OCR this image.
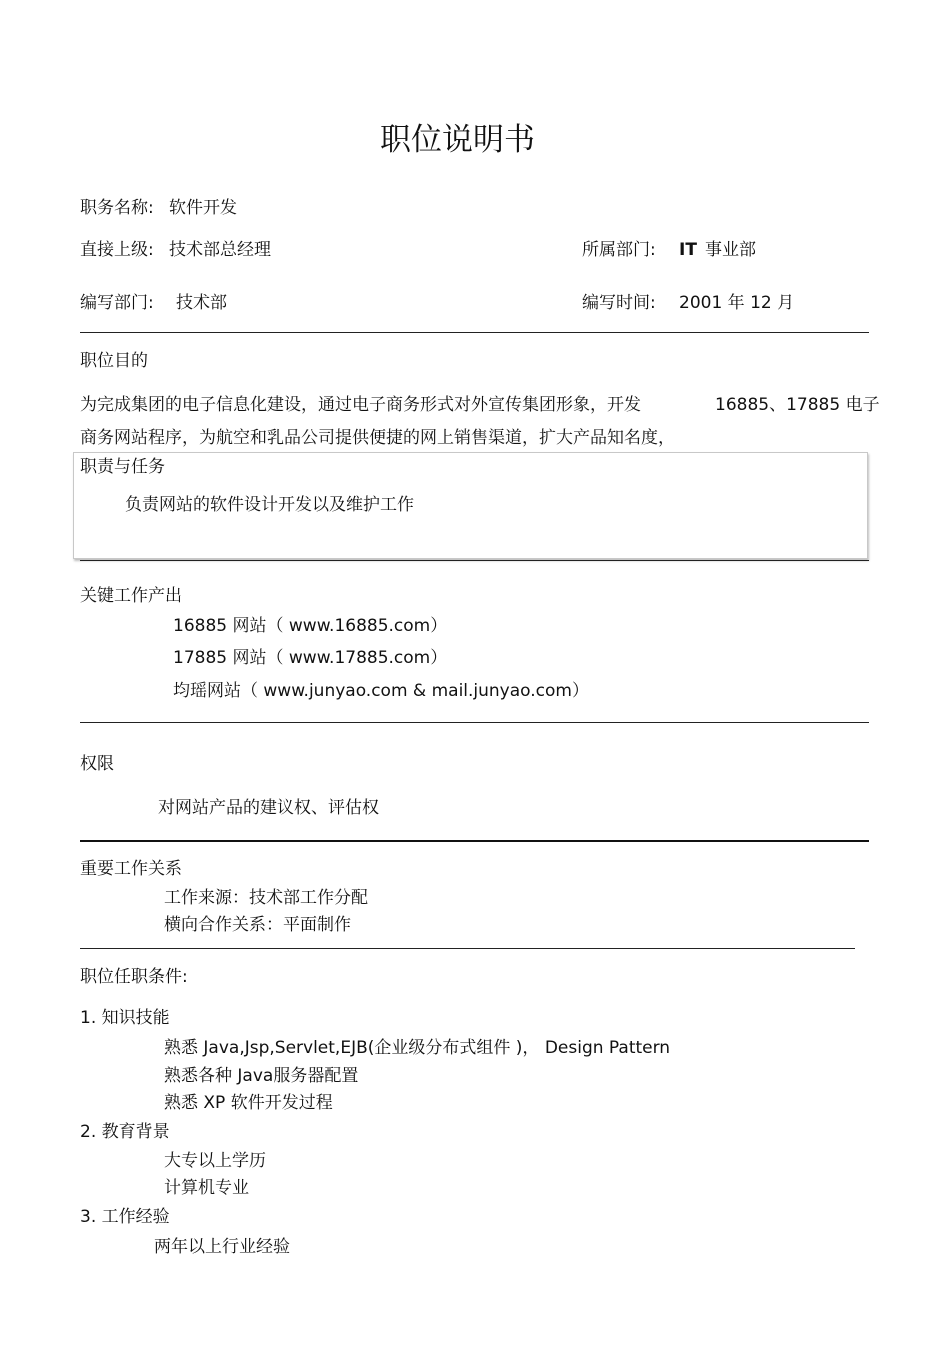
职位说明书
职务名称: 软件开发
直接上级: 技术部总经理	所属部门: IT 事业部
编写部门: 技术部	编写时间: 2001 年 12 月
职位目的
为完成集团的电子信息化建设，通过电子商务形式对外宣传集团形象，开发	16885、17885 电子
商务网站程序，为航空和乳品公司提供便捷的网上销售渠道，扩大产品知名度，
职责与任务
负责网站的软件设计开发以及维护工作
关键工作产出
16885 网站（ www.16885.com）
17885 网站（ www.17885.com）
均瑶网站（ www.junyao.com & mail.junyao.com）
权限
对网站产品的建议权、评估权
重要工作关系
工作来源：技术部工作分配
横向合作关系：平面制作
职位任职条件:
1. 知识技能
熟悉 Java,Jsp,Servlet,EJB(企业级分布式组件 )， Design Pattern
熟悉各种 Java服务器配置
熟悉 XP 软件开发过程
2. 教育背景
大专以上学历
计算机专业
3. 工作经验
两年以上行业经验
